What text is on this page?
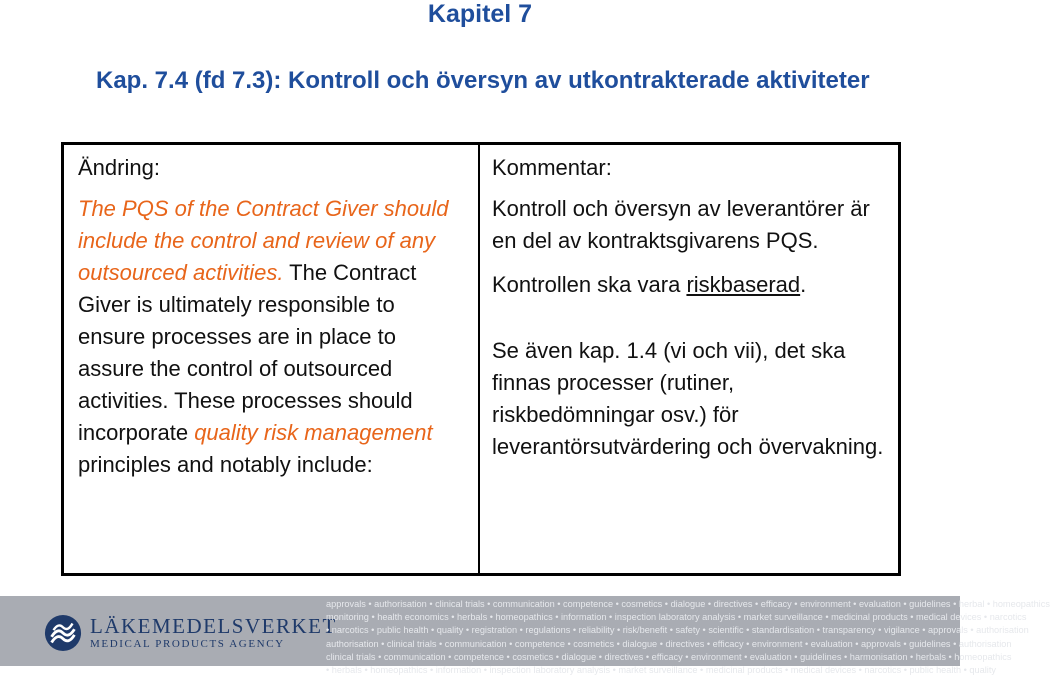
Kapitel 7
Kap. 7.4 (fd 7.3): Kontroll och översyn av utkontrakterade aktiviteter
Ändring:
The PQS of the Contract Giver should include the control and review of any outsourced activities. The Contract Giver is ultimately responsible to ensure processes are in place to assure the control of outsourced activities. These processes should incorporate quality risk management principles and notably include:
Kommentar:
Kontroll och översyn av leverantörer är en del av kontraktsgivarens PQS.
Kontrollen ska vara riskbaserad.
Se även kap. 1.4 (vi och vii), det ska finnas processer (rutiner, riskbedömningar osv.) för leverantörsutvärdering och övervakning.
LÄKEMEDELSVERKET
MEDICAL PRODUCTS AGENCY
approvals • authorisation • clinical trials • communication • competence • cosmetics • dialogue • directives • efficacy • environment • evaluation • guidelines • herbal • homeopathics
monitoring • health economics • herbals • homeopathics • information • inspection laboratory analysis • market surveillance • medicinal products • medical devices • narcotics
• narcotics • public health • quality • registration • regulations • reliability • risk/benefit • safety • scientific • standardisation • transparency • vigilance • approvals • authorisation
authorisation • clinical trials • communication • competence • cosmetics • dialogue • directives • efficacy • environment • evaluation • approvals • guidelines • authorisation
clinical trials • communication • competence • cosmetics • dialogue • directives • efficacy • environment • evaluation • guidelines • harmonisation • herbals • homeopathics
• herbals • homeopathics • information • inspection laboratory analysis • market surveillance • medicinal products • medical devices • narcotics • public health • quality
